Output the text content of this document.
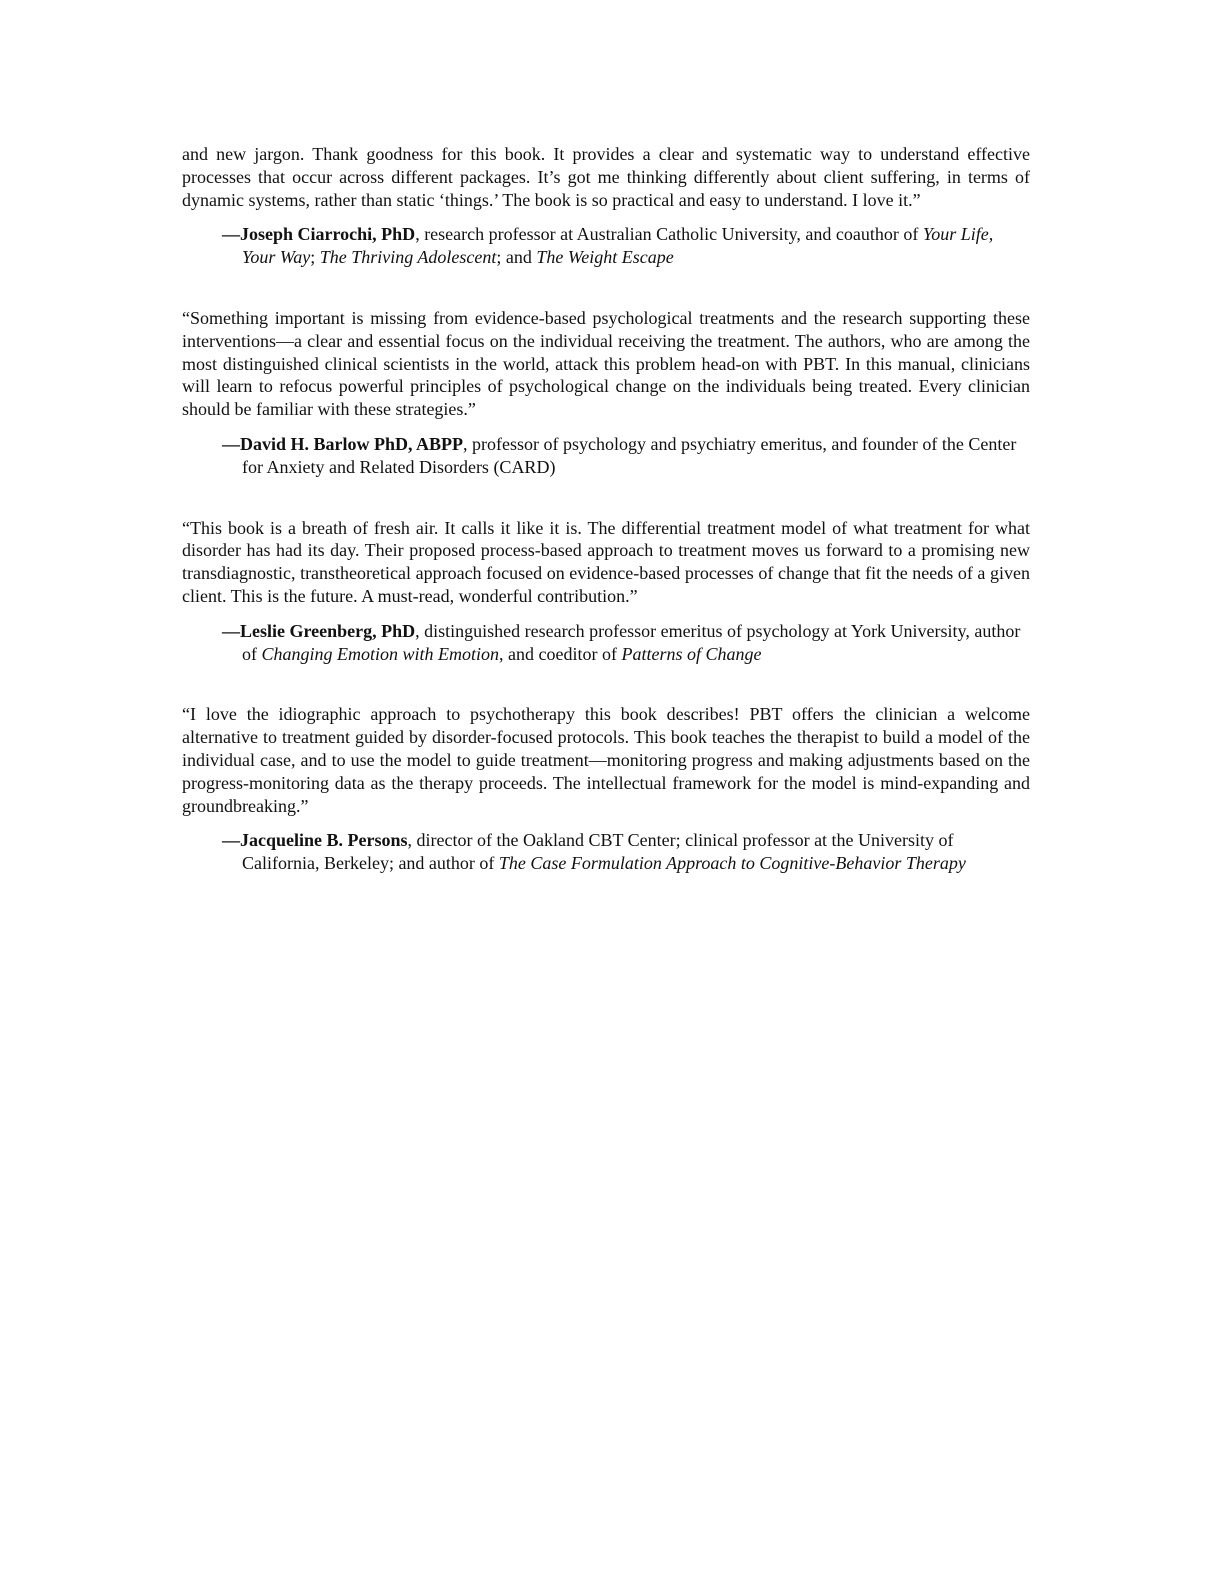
and new jargon. Thank goodness for this book. It provides a clear and systematic way to understand effective processes that occur across different packages. It’s got me thinking differently about client suffering, in terms of dynamic systems, rather than static ‘things.’ The book is so practical and easy to understand. I love it.”

—Joseph Ciarrochi, PhD, research professor at Australian Catholic University, and coauthor of Your Life, Your Way; The Thriving Adolescent; and The Weight Escape

“Something important is missing from evidence-based psychological treatments and the research supporting these interventions—a clear and essential focus on the individual receiving the treatment. The authors, who are among the most distinguished clinical scientists in the world, attack this problem head-on with PBT. In this manual, clinicians will learn to refocus powerful principles of psychological change on the individuals being treated. Every clinician should be familiar with these strategies.”

—David H. Barlow PhD, ABPP, professor of psychology and psychiatry emeritus, and founder of the Center for Anxiety and Related Disorders (CARD)

“This book is a breath of fresh air. It calls it like it is. The differential treatment model of what treatment for what disorder has had its day. Their proposed process-based approach to treatment moves us forward to a promising new transdiagnostic, transtheoretical approach focused on evidence-based processes of change that fit the needs of a given client. This is the future. A must-read, wonderful contribution.”

—Leslie Greenberg, PhD, distinguished research professor emeritus of psychology at York University, author of Changing Emotion with Emotion, and coeditor of Patterns of Change

“I love the idiographic approach to psychotherapy this book describes! PBT offers the clinician a welcome alternative to treatment guided by disorder-focused protocols. This book teaches the therapist to build a model of the individual case, and to use the model to guide treatment—monitoring progress and making adjustments based on the progress-monitoring data as the therapy proceeds. The intellectual framework for the model is mind-expanding and groundbreaking.”

—Jacqueline B. Persons, director of the Oakland CBT Center; clinical professor at the University of California, Berkeley; and author of The Case Formulation Approach to Cognitive-Behavior Therapy
